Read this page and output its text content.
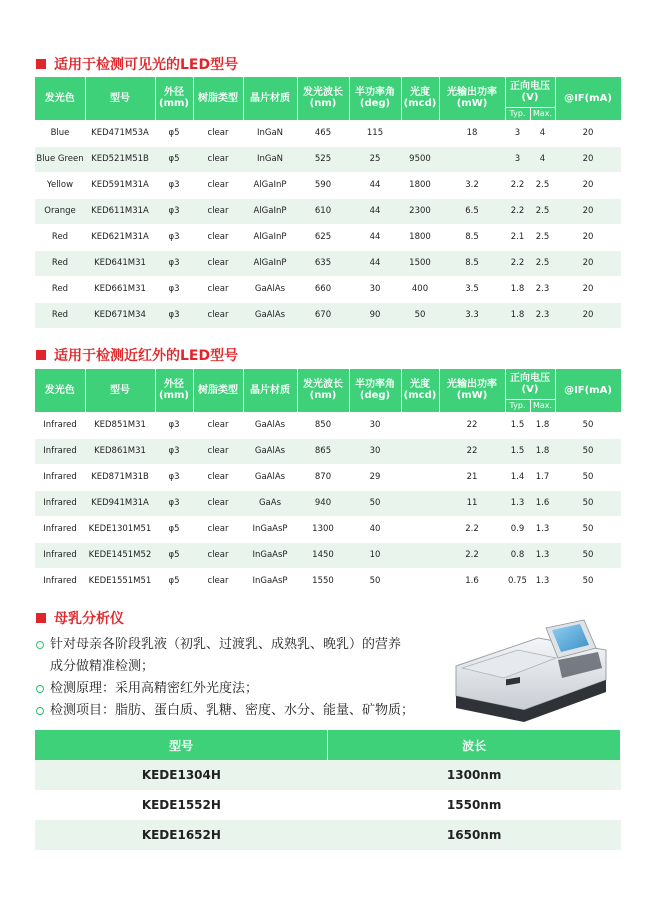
适用于检测可见光的LED型号
发光色	型号	外径 (mm)	树脂类型	晶片材质	发光波长 (nm)	半功率角 (deg)	光度 (mcd)	光输出功率 (mW)	正向电压 (V)		@IF(mA)
									Typ.	Max.	
Blue	KED471M53A	φ5	clear	InGaN	465	115		18	3	4	20
Blue Green	KED521M51B	φ5	clear	InGaN	525	25	9500		3	4	20
Yellow	KED591M31A	φ3	clear	AlGaInP	590	44	1800	3.2	2.2	2.5	20
Orange	KED611M31A	φ3	clear	AlGaInP	610	44	2300	6.5	2.2	2.5	20
Red	KED621M31A	φ3	clear	AlGaInP	625	44	1800	8.5	2.1	2.5	20
Red	KED641M31	φ3	clear	AlGaInP	635	44	1500	8.5	2.2	2.5	20
Red	KED661M31	φ3	clear	GaAlAs	660	30	400	3.5	1.8	2.3	20
Red	KED671M34	φ3	clear	GaAlAs	670	90	50	3.3	1.8	2.3	20
适用于检测近红外的LED型号
发光色	型号	外径 (mm)	树脂类型	晶片材质	发光波长 (nm)	半功率角 (deg)	光度 (mcd)	光输出功率 (mW)	正向电压 (V)		@IF(mA)
									Typ.	Max.	
Infrared	KED851M31	φ3	clear	GaAlAs	850	30		22	1.5	1.8	50
Infrared	KED861M31	φ3	clear	GaAlAs	865	30		22	1.5	1.8	50
Infrared	KED871M31B	φ3	clear	GaAlAs	870	29		21	1.4	1.7	50
Infrared	KED941M31A	φ3	clear	GaAs	940	50		11	1.3	1.6	50
Infrared	KEDE1301M51	φ5	clear	InGaAsP	1300	40		2.2	0.9	1.3	50
Infrared	KEDE1451M52	φ5	clear	InGaAsP	1450	10		2.2	0.8	1.3	50
Infrared	KEDE1551M51	φ5	clear	InGaAsP	1550	50		1.6	0.75	1.3	50
母乳分析仪
针对母亲各阶段乳液（初乳、过渡乳、成熟乳、晚乳）的营养
成分做精准检测；
检测原理：采用高精密红外光度法；
检测项目：脂肪、蛋白质、乳糖、密度、水分、能量、矿物质；
型号	波长
KEDE1304H	1300nm
KEDE1552H	1550nm
KEDE1652H	1650nm
